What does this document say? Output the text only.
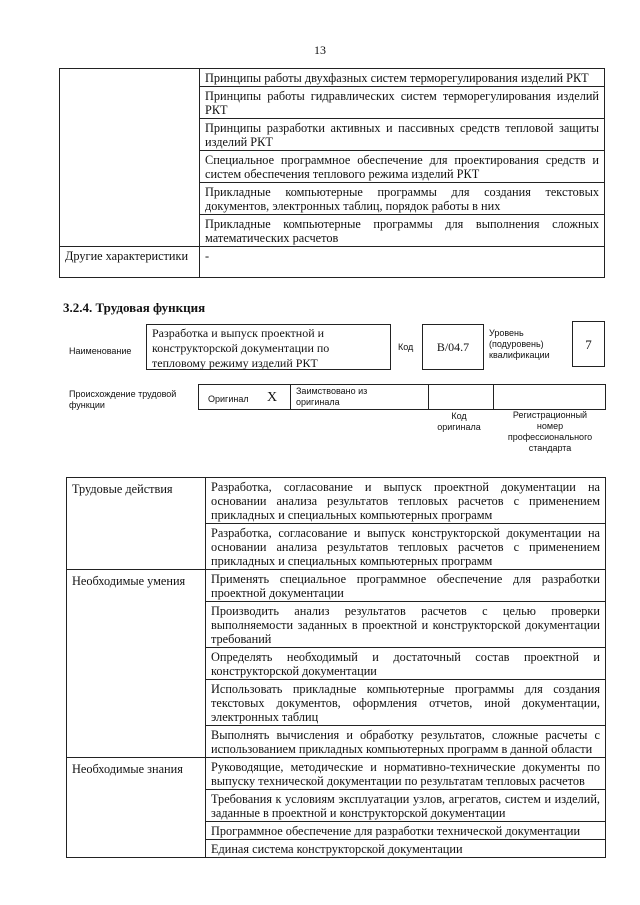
13

	Принципы работы двухфазных систем терморегулирования изделий РКТ

	Принципы работы гидравлических систем терморегулирования изделий РКТ

	Принципы разработки активных и пассивных средств тепловой защиты изделий РКТ

	Специальное программное обеспечение для проектирования средств и систем обеспечения теплового режима изделий РКТ

	Прикладные компьютерные программы для создания текстовых документов, электронных таблиц, порядок работы в них

	Прикладные компьютерные программы для выполнения сложных математических расчетов

Другие характеристики	-
3.2.4. Трудовая функция
Наименование
Разработка и выпуск проектной и конструкторской документации по тепловому режиму изделий РКТ
Код	В/04.7
Уровень (подуровень) квалификации
7
Происхождение трудовой функции
Оригинал Х Заимствовано из оригинала
Код оригинала
Регистрационный номер профессионального стандарта
Трудовые действия	Разработка, согласование и выпуск проектной документации на основании анализа результатов тепловых расчетов с применением прикладных и специальных компьютерных программ

	Разработка, согласование и выпуск конструкторской документации на основании анализа результатов тепловых расчетов с применением прикладных и специальных компьютерных программ

Необходимые умения	Применять специальное программное обеспечение для разработки проектной документации

	Производить анализ результатов расчетов с целью проверки выполняемости заданных в проектной и конструкторской документации требований

	Определять необходимый и достаточный состав проектной и конструкторской документации

	Использовать прикладные компьютерные программы для создания текстовых документов, оформления отчетов, иной документации, электронных таблиц

	Выполнять вычисления и обработку результатов, сложные расчеты с использованием прикладных компьютерных программ в данной области

Необходимые знания	Руководящие, методические и нормативно-технические документы по выпуску технической документации по результатам тепловых расчетов

	Требования к условиям эксплуатации узлов, агрегатов, систем и изделий, заданные в проектной и конструкторской документации

	Программное обеспечение для разработки технической документации

	Единая система конструкторской документации
